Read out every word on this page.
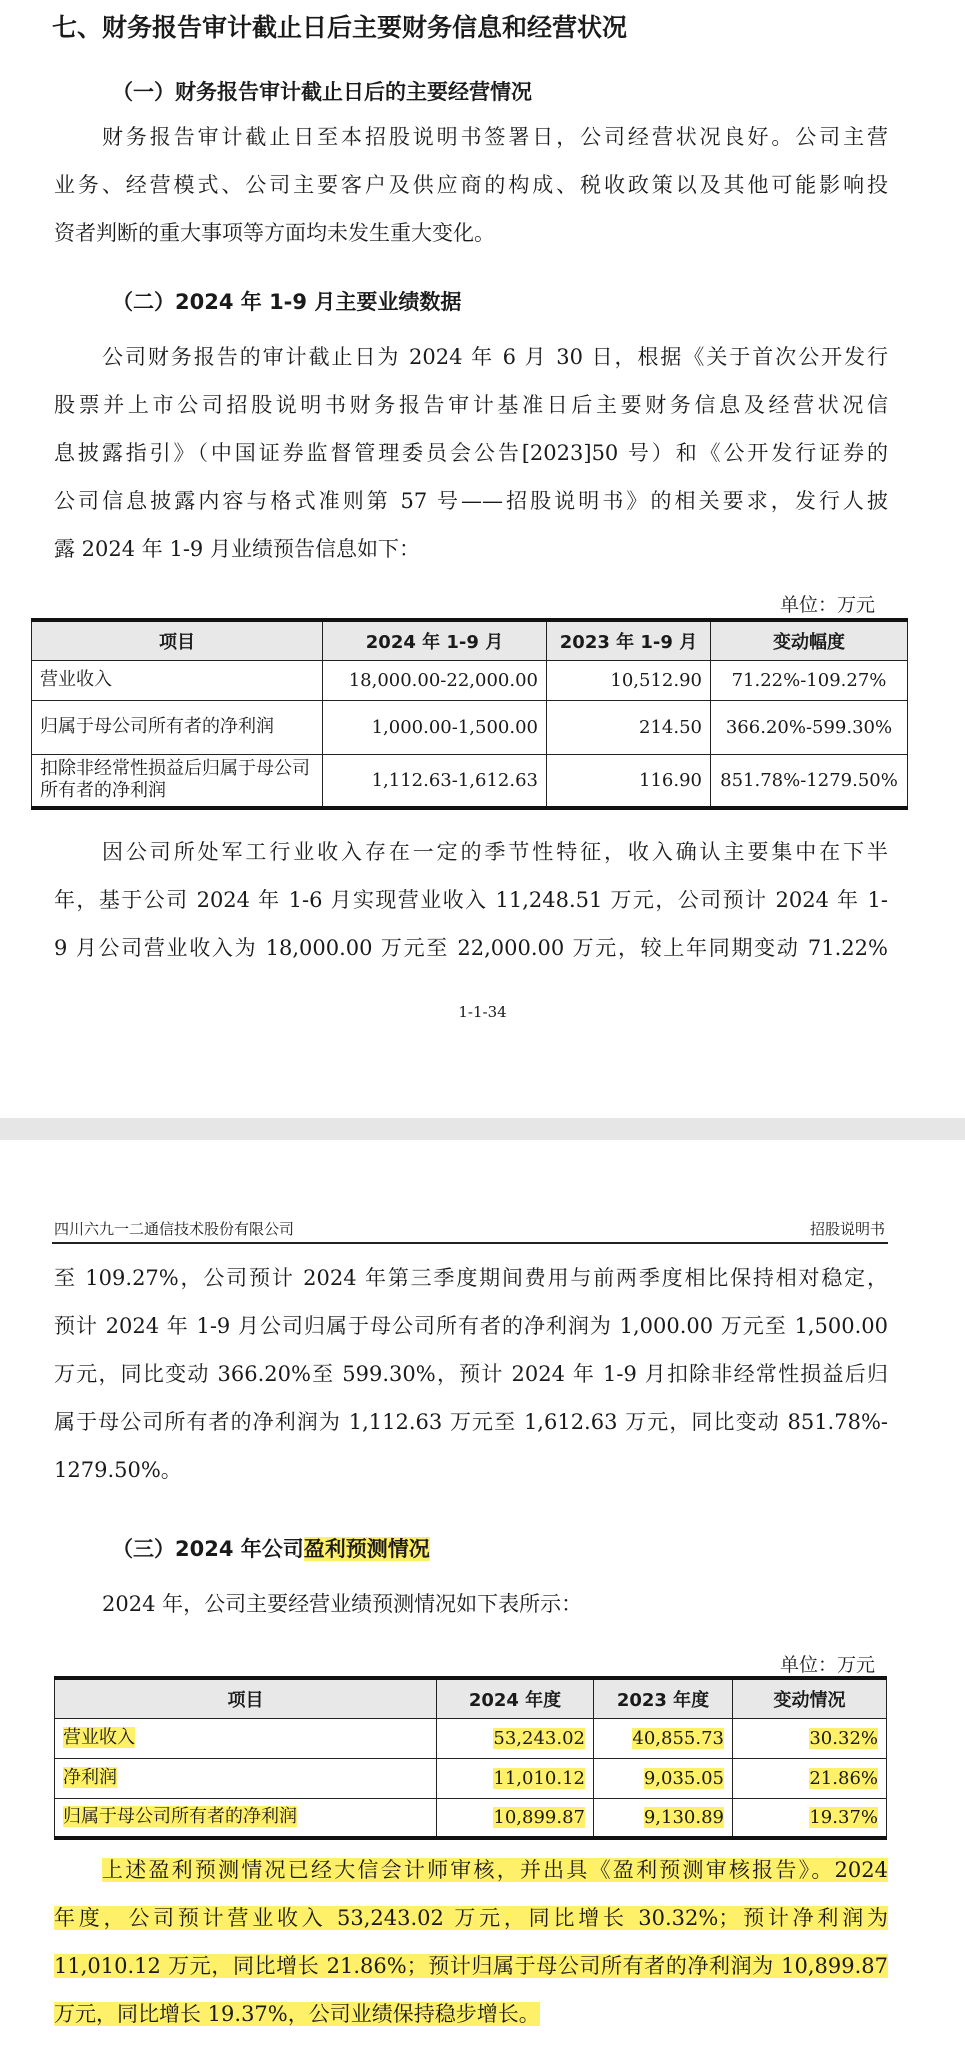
七、财务报告审计截止日后主要财务信息和经营状况
（一）财务报告审计截止日后的主要经营情况
财务报告审计截止日至本招股说明书签署日，公司经营状况良好。公司主营
业务、经营模式、公司主要客户及供应商的构成、税收政策以及其他可能影响投
资者判断的重大事项等方面均未发生重大变化。
（二）2024 年 1-9 月主要业绩数据
公司财务报告的审计截止日为 2024 年 6 月 30 日，根据《关于首次公开发行
股票并上市公司招股说明书财务报告审计基准日后主要财务信息及经营状况信
息披露指引》（中国证券监督管理委员会公告[2023]50 号）和《公开发行证券的
公司信息披露内容与格式准则第 57 号——招股说明书》的相关要求，发行人披
露 2024 年 1-9 月业绩预告信息如下：
单位：万元
项目	2024 年 1-9 月	2023 年 1-9 月	变动幅度
营业收入	18,000.00-22,000.00	10,512.90	71.22%-109.27%
归属于母公司所有者的净利润	1,000.00-1,500.00	214.50	366.20%-599.30%
扣除非经常性损益后归属于母公司所有者的净利润	1,112.63-1,612.63	116.90	851.78%-1279.50%
因公司所处军工行业收入存在一定的季节性特征，收入确认主要集中在下半
年，基于公司 2024 年 1-6 月实现营业收入 11,248.51 万元，公司预计 2024 年 1-
9 月公司营业收入为 18,000.00 万元至 22,000.00 万元，较上年同期变动 71.22%
1-1-34
四川六九一二通信技术股份有限公司	招股说明书
至 109.27%，公司预计 2024 年第三季度期间费用与前两季度相比保持相对稳定，
预计 2024 年 1-9 月公司归属于母公司所有者的净利润为 1,000.00 万元至 1,500.00
万元，同比变动 366.20%至 599.30%，预计 2024 年 1-9 月扣除非经常性损益后归
属于母公司所有者的净利润为 1,112.63 万元至 1,612.63 万元，同比变动 851.78%-
1279.50%。
（三）2024 年公司盈利预测情况
2024 年，公司主要经营业绩预测情况如下表所示：
单位：万元
项目	2024 年度	2023 年度	变动情况
营业收入	53,243.02	40,855.73	30.32%
净利润	11,010.12	9,035.05	21.86%
归属于母公司所有者的净利润	10,899.87	9,130.89	19.37%
上述盈利预测情况已经大信会计师审核，并出具《盈利预测审核报告》。2024
年度，公司预计营业收入 53,243.02 万元，同比增长 30.32%；预计净利润为
11,010.12 万元，同比增长 21.86%；预计归属于母公司所有者的净利润为 10,899.87
万元，同比增长 19.37%，公司业绩保持稳步增长。
